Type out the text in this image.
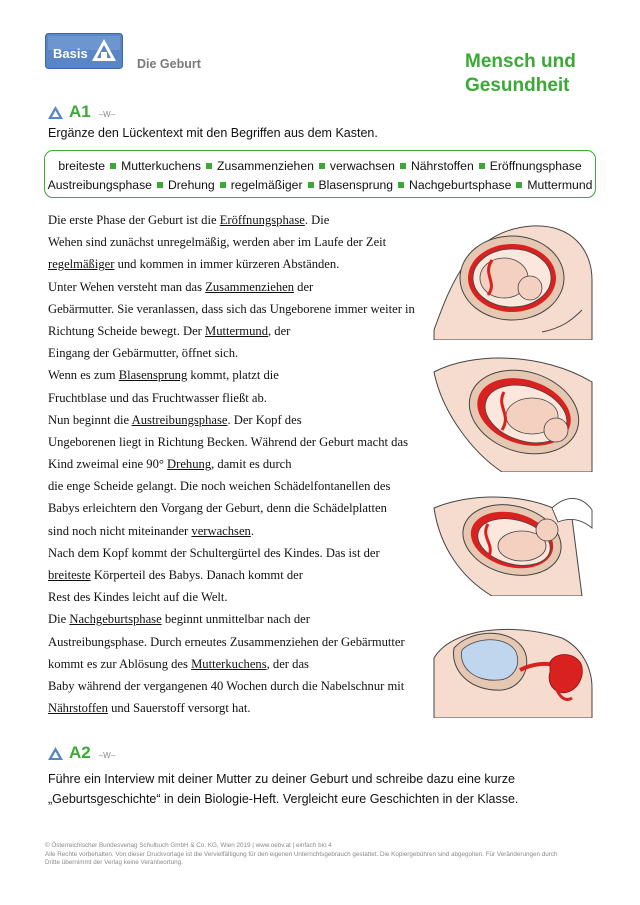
Basis
Die Geburt	Mensch und
Gesundheit
A1 –W–
Ergänze den Lückentext mit den Begriffen aus dem Kasten.
breiteste Mutterkuchens Zusammenziehen verwachsen Nährstoffen Eröffnungsphase
Austreibungsphase Drehung regelmäßiger Blasensprung Nachgeburtsphase Muttermund
Die erste Phase der Geburt ist die Eröffnungsphase. Die
Wehen sind zunächst unregelmäßig, werden aber im Laufe der Zeit
regelmäßiger und kommen in immer kürzeren Abständen.
Unter Wehen versteht man das Zusammenziehen der
Gebärmutter. Sie veranlassen, dass sich das Ungeborene immer weiter in
Richtung Scheide bewegt. Der Muttermund, der
Eingang der Gebärmutter, öffnet sich.
Wenn es zum Blasensprung kommt, platzt die
Fruchtblase und das Fruchtwasser fließt ab.
Nun beginnt die Austreibungsphase. Der Kopf des
Ungeborenen liegt in Richtung Becken. Während der Geburt macht das
Kind zweimal eine 90° Drehung, damit es durch
die enge Scheide gelangt. Die noch weichen Schädelfontanellen des
Babys erleichtern den Vorgang der Geburt, denn die Schädelplatten
sind noch nicht miteinander verwachsen.
Nach dem Kopf kommt der Schultergürtel des Kindes. Das ist der
breiteste Körperteil des Babys. Danach kommt der
Rest des Kindes leicht auf die Welt.
Die Nachgeburtsphase beginnt unmittelbar nach der
Austreibungsphase. Durch erneutes Zusammenziehen der Gebärmutter
kommt es zur Ablösung des Mutterkuchens, der das
Baby während der vergangenen 40 Wochen durch die Nabelschnur mit
Nährstoffen und Sauerstoff versorgt hat.
A2 –W–
Führe ein Interview mit deiner Mutter zu deiner Geburt und schreibe dazu eine kurze
„Geburtsgeschichte“ in dein Biologie-Heft. Vergleicht eure Geschichten in der Klasse.
© Österreichischer Bundesverlag Schulbuch GmbH & Co. KG, Wien 2019 | www.oebv.at | einfach bio 4
Alle Rechte vorbehalten. Von dieser Druckvorlage ist die Vervielfältigung für den eigenen Unterrichtsgebrauch gestattet. Die Kopiergebühren sind abgegolten. Für Veränderungen durch
Dritte übernimmt der Verlag keine Verantwortung.
